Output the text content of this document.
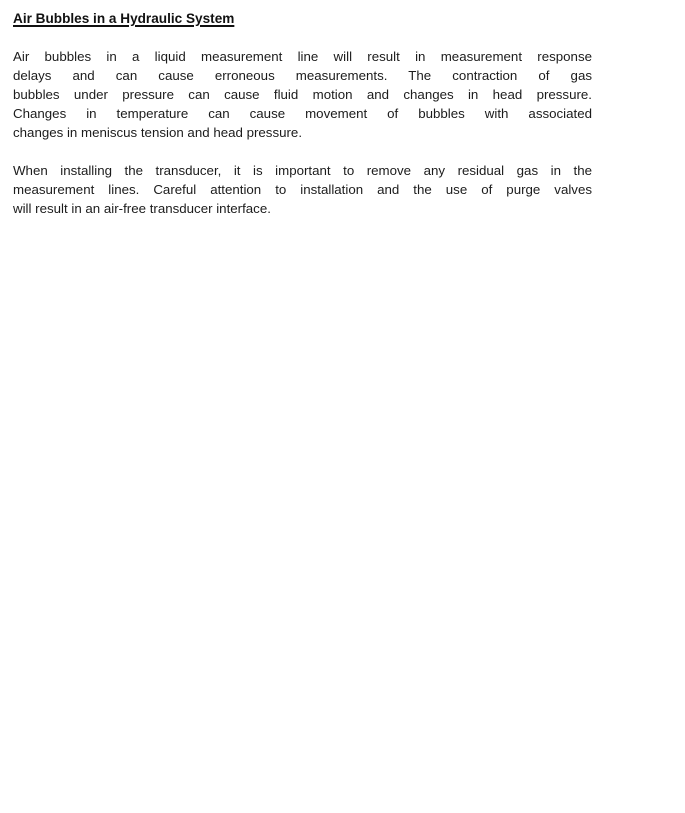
Air Bubbles in a Hydraulic System
Air bubbles in a liquid measurement line will result in measurement response
delays and can cause erroneous measurements. The contraction of gas
bubbles under pressure can cause fluid motion and changes in head pressure.
Changes in temperature can cause movement of bubbles with associated
changes in meniscus tension and head pressure.
When installing the transducer, it is important to remove any residual gas in the
measurement lines. Careful attention to installation and the use of purge valves
will result in an air-free transducer interface.
